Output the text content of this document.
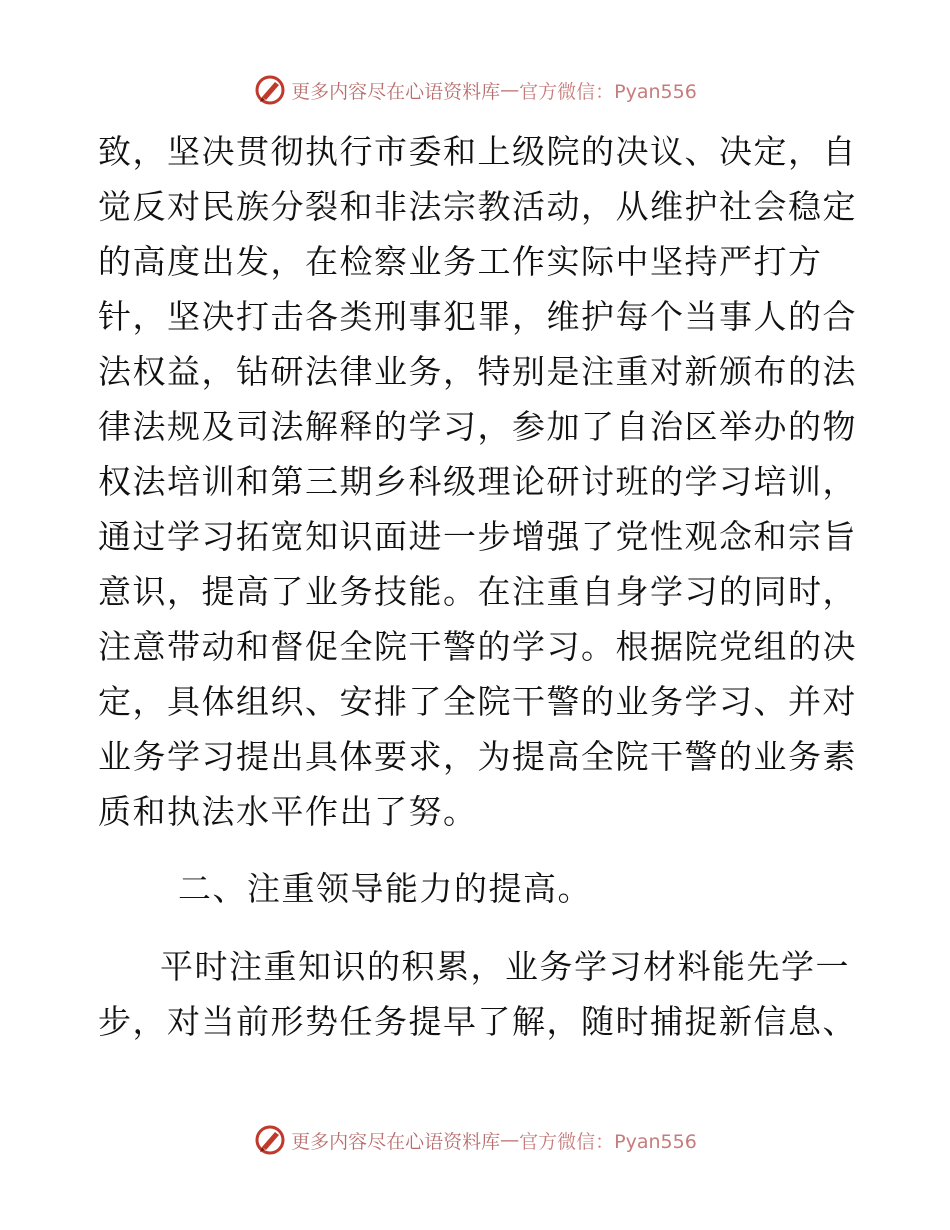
更多内容尽在心语资料库 — 官方微信：Pyan556
致，坚决贯彻执行市委和上级院的决议、决定，自
觉反对民族分裂和非法宗教活动，从维护社会稳定
的高度出发，在检察业务工作实际中坚持严打方
针，坚决打击各类刑事犯罪，维护每个当事人的合
法权益，钻研法律业务，特别是注重对新颁布的法
律法规及司法解释的学习，参加了自治区举办的物
权法培训和第三期乡科级理论研讨班的学习培训，
通过学习拓宽知识面进一步增强了党性观念和宗旨
意识，提高了业务技能。在注重自身学习的同时，
注意带动和督促全院干警的学习。根据院党组的决
定，具体组织、安排了全院干警的业务学习、并对
业务学习提出具体要求，为提高全院干警的业务素
质和执法水平作出了努。
二、注重领导能力的提高。
平时注重知识的积累，业务学习材料能先学一
步，对当前形势任务提早了解，随时捕捉新信息、
更多内容尽在心语资料库 — 官方微信：Pyan556
